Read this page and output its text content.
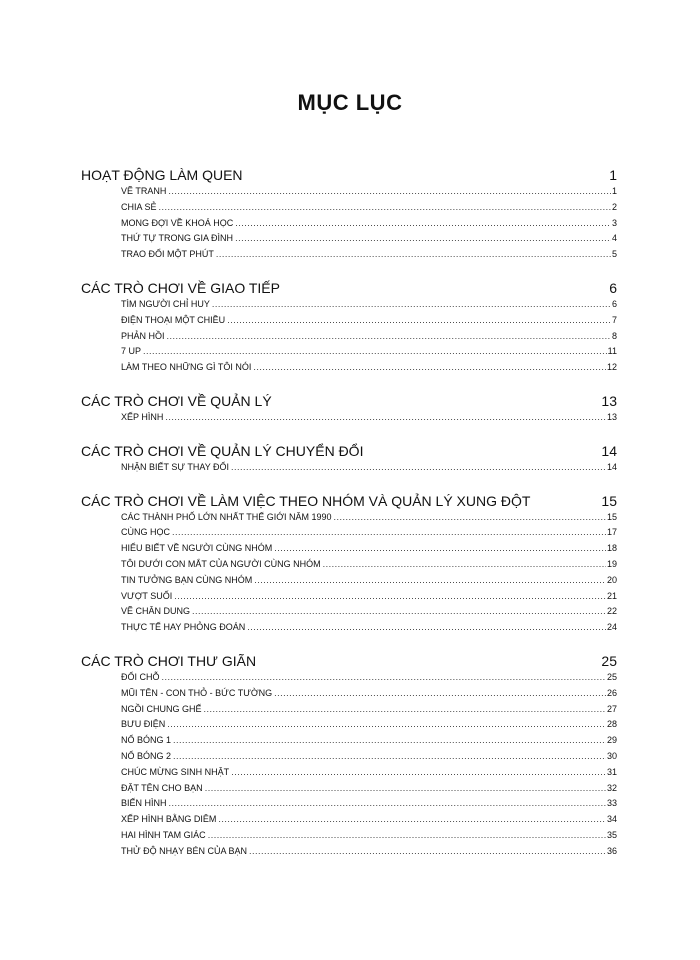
MỤC LỤC
HOẠT ĐỘNG LÀM QUEN	1
VẼ TRANH .....	1
CHIA SẺ .....	2
MONG ĐỢI VỀ KHOÁ HỌC .....	3
THỨ TỰ TRONG GIA ĐÌNH .....	4
TRAO ĐỔI MỘT PHÚT .....	5
CÁC TRÒ CHƠI VỀ GIAO TIẾP	6
TÌM NGƯỜI CHỈ HUY .....	6
ĐIỆN THOẠI MỘT CHIỀU .....	7
PHẢN HỒI .....	8
7 UP .....	11
LÀM THEO NHỮNG GÌ TÔI NÓI .....	12
CÁC TRÒ CHƠI VỀ QUẢN LÝ	13
XẾP HÌNH .....	13
CÁC TRÒ CHƠI VỀ QUẢN LÝ CHUYỂN ĐỔI	14
NHẬN BIẾT SỰ THAY ĐỔI .....	14
CÁC TRÒ CHƠI VỀ LÀM VIỆC THEO NHÓM VÀ QUẢN LÝ XUNG ĐỘT	15
CÁC THÀNH PHỐ LỚN NHẤT THẾ GIỚI NĂM 1990 .....	15
CÙNG HỌC .....	17
HIỂU BIẾT VỀ NGƯỜI CÙNG NHÓM .....	18
TÔI DƯỚI CON MẮT CỦA NGƯỜI CÙNG NHÓM .....	19
TIN TƯỞNG BẠN CÙNG NHÓM .....	20
VƯỢT SUỐI .....	21
VẼ CHÂN DUNG .....	22
THỰC TẾ HAY PHỎNG ĐOÁN .....	24
CÁC TRÒ CHƠI THƯ GIÃN	25
ĐỔI CHỖ .....	25
MŨI TÊN - CON THỎ - BỨC TƯỜNG .....	26
NGỒI CHUNG GHẾ .....	27
BƯU ĐIỆN .....	28
NỔ BÓNG 1 .....	29
NỔ BÓNG 2 .....	30
CHÚC MỪNG SINH NHẬT .....	31
ĐẶT TÊN CHO BẠN .....	32
BIẾN HÌNH .....	33
XẾP HÌNH BẰNG DIÊM .....	34
HAI HÌNH TAM GIÁC .....	35
THỬ ĐỘ NHẠY BÉN CỦA BẠN .....	36
